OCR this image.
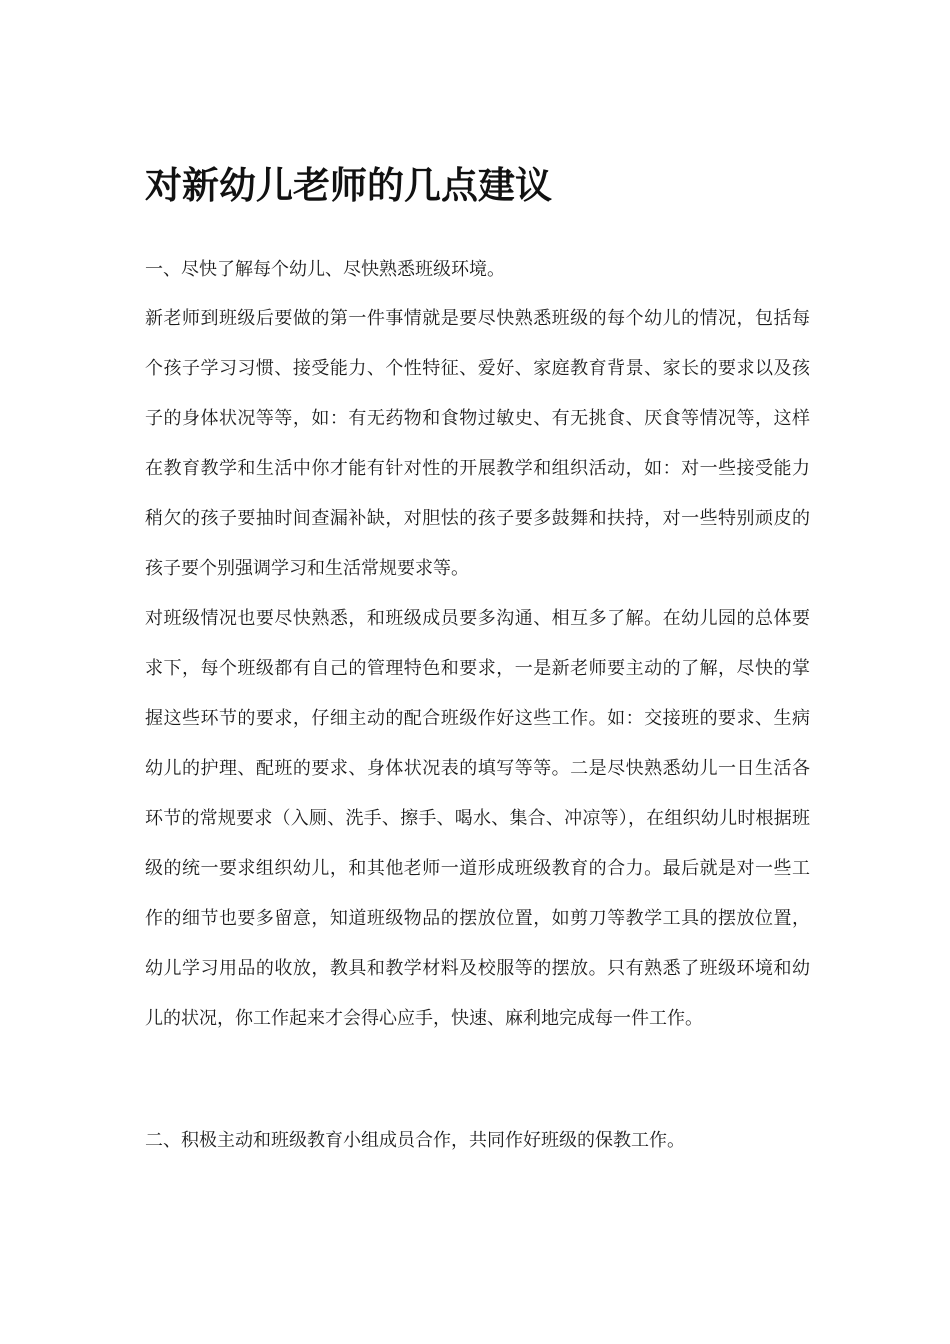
对新幼儿老师的几点建议

一、尽快了解每个幼儿、尽快熟悉班级环境。

新老师到班级后要做的第一件事情就是要尽快熟悉班级的每个幼儿的情况，包括每个孩子学习习惯、接受能力、个性特征、爱好、家庭教育背景、家长的要求以及孩子的身体状况等等，如：有无药物和食物过敏史、有无挑食、厌食等情况等，这样在教育教学和生活中你才能有针对性的开展教学和组织活动，如：对一些接受能力稍欠的孩子要抽时间查漏补缺，对胆怯的孩子要多鼓舞和扶持，对一些特别顽皮的孩子要个别强调学习和生活常规要求等。

对班级情况也要尽快熟悉，和班级成员要多沟通、相互多了解。在幼儿园的总体要求下，每个班级都有自己的管理特色和要求，一是新老师要主动的了解，尽快的掌握这些环节的要求，仔细主动的配合班级作好这些工作。如：交接班的要求、生病幼儿的护理、配班的要求、身体状况表的填写等等。二是尽快熟悉幼儿一日生活各环节的常规要求（入厕、洗手、擦手、喝水、集合、冲凉等），在组织幼儿时根据班级的统一要求组织幼儿，和其他老师一道形成班级教育的合力。最后就是对一些工作的细节也要多留意，知道班级物品的摆放位置，如剪刀等教学工具的摆放位置，幼儿学习用品的收放，教具和教学材料及校服等的摆放。只有熟悉了班级环境和幼儿的状况，你工作起来才会得心应手，快速、麻利地完成每一件工作。

二、积极主动和班级教育小组成员合作，共同作好班级的保教工作。
